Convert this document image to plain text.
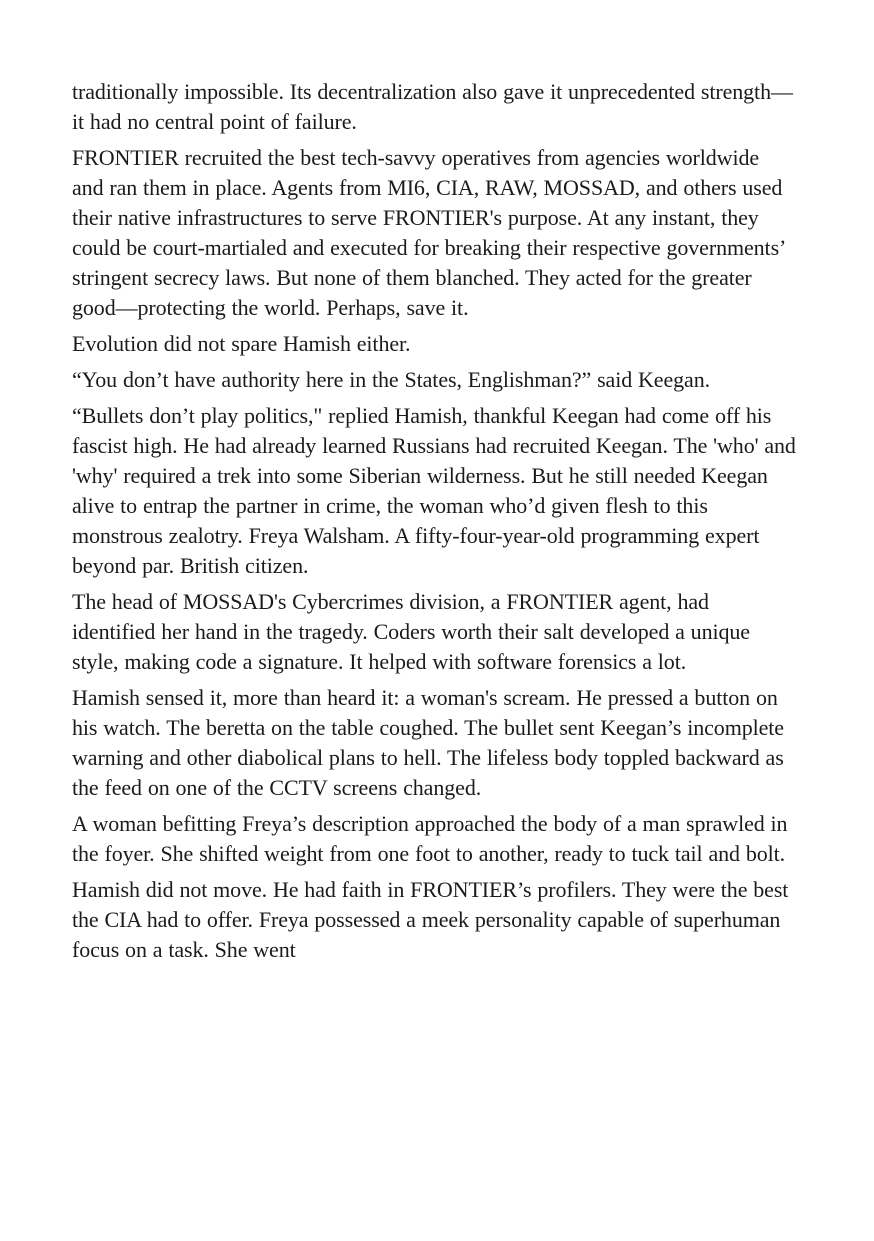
traditionally impossible. Its decentralization also gave it unprecedented strength—it had no central point of failure.

FRONTIER recruited the best tech-savvy operatives from agencies worldwide and ran them in place. Agents from MI6, CIA, RAW, MOSSAD, and others used their native infrastructures to serve FRONTIER's purpose. At any instant, they could be court-martialed and executed for breaking their respective governments’ stringent secrecy laws. But none of them blanched. They acted for the greater good—protecting the world. Perhaps, save it.

Evolution did not spare Hamish either.

“You don’t have authority here in the States, Englishman?” said Keegan.

“Bullets don’t play politics," replied Hamish, thankful Keegan had come off his fascist high. He had already learned Russians had recruited Keegan. The 'who' and 'why' required a trek into some Siberian wilderness. But he still needed Keegan alive to entrap the partner in crime, the woman who’d given flesh to this monstrous zealotry. Freya Walsham. A fifty-four-year-old programming expert beyond par. British citizen.

The head of MOSSAD's Cybercrimes division, a FRONTIER agent, had identified her hand in the tragedy. Coders worth their salt developed a unique style, making code a signature. It helped with software forensics a lot.

Hamish sensed it, more than heard it: a woman's scream. He pressed a button on his watch. The beretta on the table coughed. The bullet sent Keegan’s incomplete warning and other diabolical plans to hell. The lifeless body toppled backward as the feed on one of the CCTV screens changed.

A woman befitting Freya’s description approached the body of a man sprawled in the foyer. She shifted weight from one foot to another, ready to tuck tail and bolt.

Hamish did not move. He had faith in FRONTIER’s profilers. They were the best the CIA had to offer. Freya possessed a meek personality capable of superhuman focus on a task. She went
